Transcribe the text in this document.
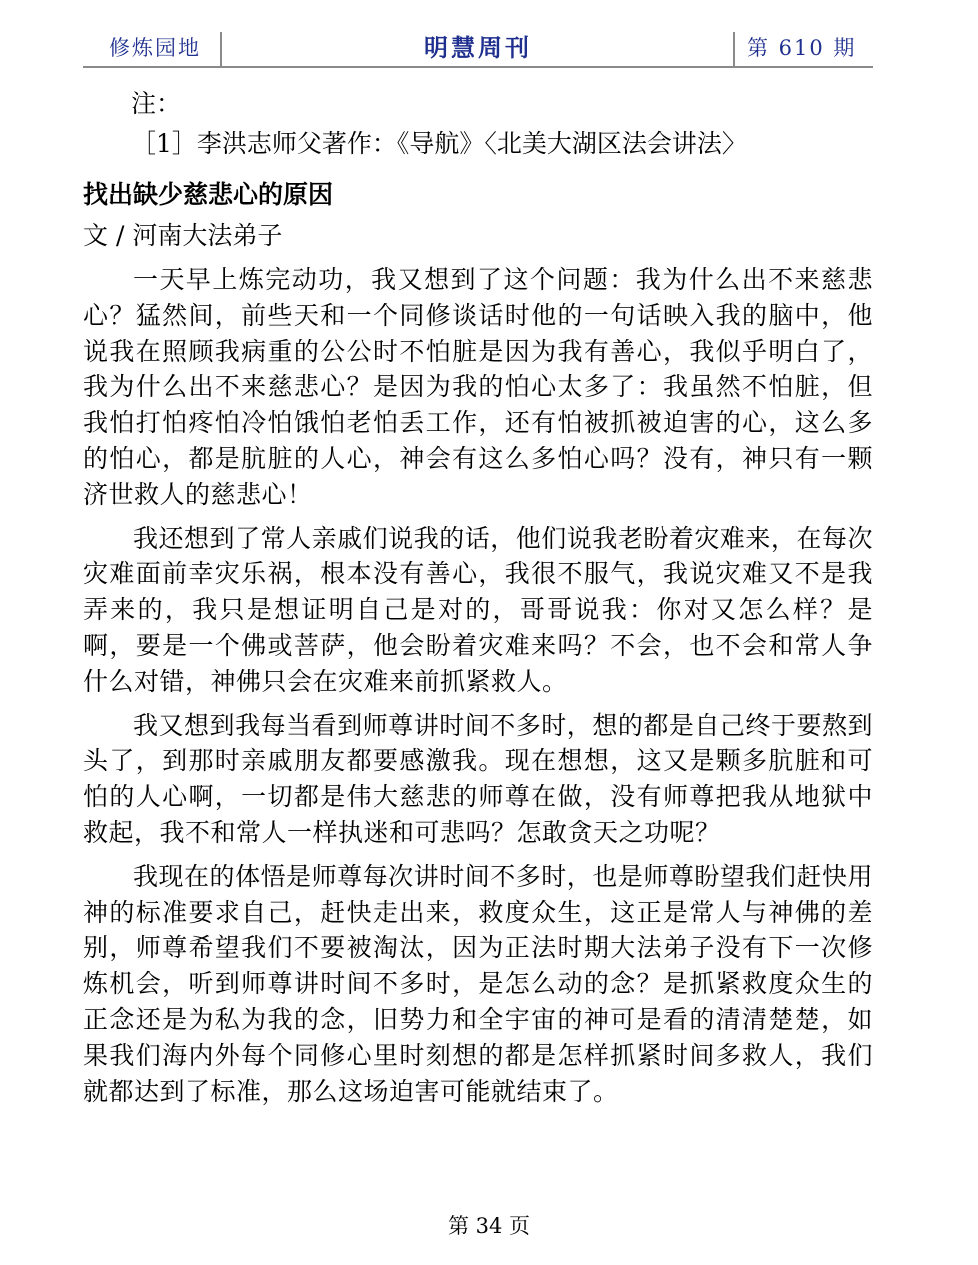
修炼园地	明慧周刊	第 610 期
注：
［1］李洪志师父著作：《导航》〈北美大湖区法会讲法〉
找出缺少慈悲心的原因
文 / 河南大法弟子

一天早上炼完动功，我又想到了这个问题：我为什么出不来慈悲心？猛然间，前些天和一个同修谈话时他的一句话映入我的脑中，他说我在照顾我病重的公公时不怕脏是因为我有善心，我似乎明白了，我为什么出不来慈悲心？是因为我的怕心太多了：我虽然不怕脏，但我怕打怕疼怕冷怕饿怕老怕丢工作，还有怕被抓被迫害的心，这么多的怕心，都是肮脏的人心，神会有这么多怕心吗？没有，神只有一颗济世救人的慈悲心！

我还想到了常人亲戚们说我的话，他们说我老盼着灾难来，在每次灾难面前幸灾乐祸，根本没有善心，我很不服气，我说灾难又不是我弄来的，我只是想证明自己是对的，哥哥说我：你对又怎么样？是啊，要是一个佛或菩萨，他会盼着灾难来吗？不会，也不会和常人争什么对错，神佛只会在灾难来前抓紧救人。

我又想到我每当看到师尊讲时间不多时，想的都是自己终于要熬到头了，到那时亲戚朋友都要感激我。现在想想，这又是颗多肮脏和可怕的人心啊，一切都是伟大慈悲的师尊在做，没有师尊把我从地狱中救起，我不和常人一样执迷和可悲吗？怎敢贪天之功呢？

我现在的体悟是师尊每次讲时间不多时，也是师尊盼望我们赶快用神的标准要求自己，赶快走出来，救度众生，这正是常人与神佛的差别，师尊希望我们不要被淘汰，因为正法时期大法弟子没有下一次修炼机会，听到师尊讲时间不多时，是怎么动的念？是抓紧救度众生的正念还是为私为我的念，旧势力和全宇宙的神可是看的清清楚楚，如果我们海内外每个同修心里时刻想的都是怎样抓紧时间多救人，我们就都达到了标准，那么这场迫害可能就结束了。

第 34 页
